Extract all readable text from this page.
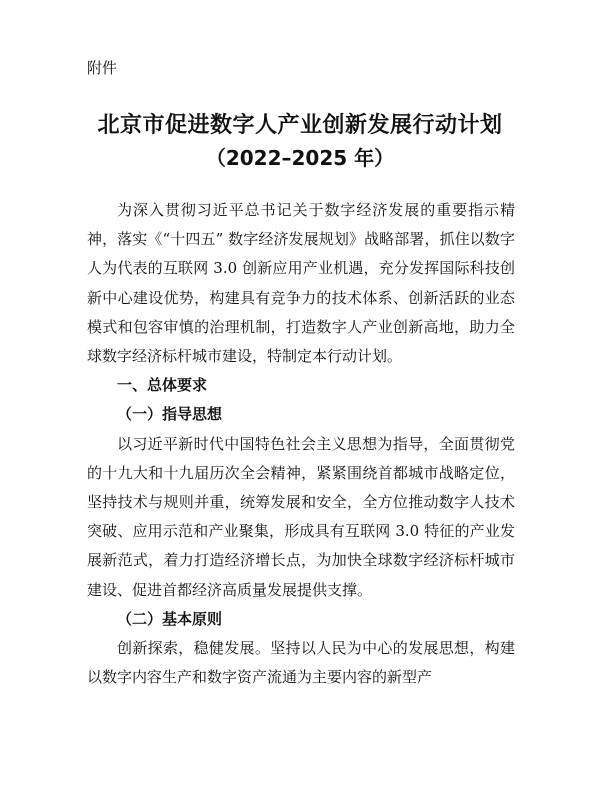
附件
北京市促进数字人产业创新发展行动计划
（2022–2025 年）

为深入贯彻习近平总书记关于数字经济发展的重要指示精神，落实《“十四五” 数字经济发展规划》战略部署，抓住以数字人为代表的互联网 3.0 创新应用产业机遇，充分发挥国际科技创新中心建设优势，构建具有竞争力的技术体系、创新活跃的业态模式和包容审慎的治理机制，打造数字人产业创新高地，助力全球数字经济标杆城市建设，特制定本行动计划。

一、总体要求

（一）指导思想

以习近平新时代中国特色社会主义思想为指导，全面贯彻党的十九大和十九届历次全会精神，紧紧围绕首都城市战略定位，坚持技术与规则并重，统筹发展和安全，全方位推动数字人技术突破、应用示范和产业聚集，形成具有互联网 3.0 特征的产业发展新范式，着力打造经济增长点，为加快全球数字经济标杆城市建设、促进首都经济高质量发展提供支撑。

（二）基本原则

创新探索，稳健发展。坚持以人民为中心的发展思想，构建以数字内容生产和数字资产流通为主要内容的新型产
